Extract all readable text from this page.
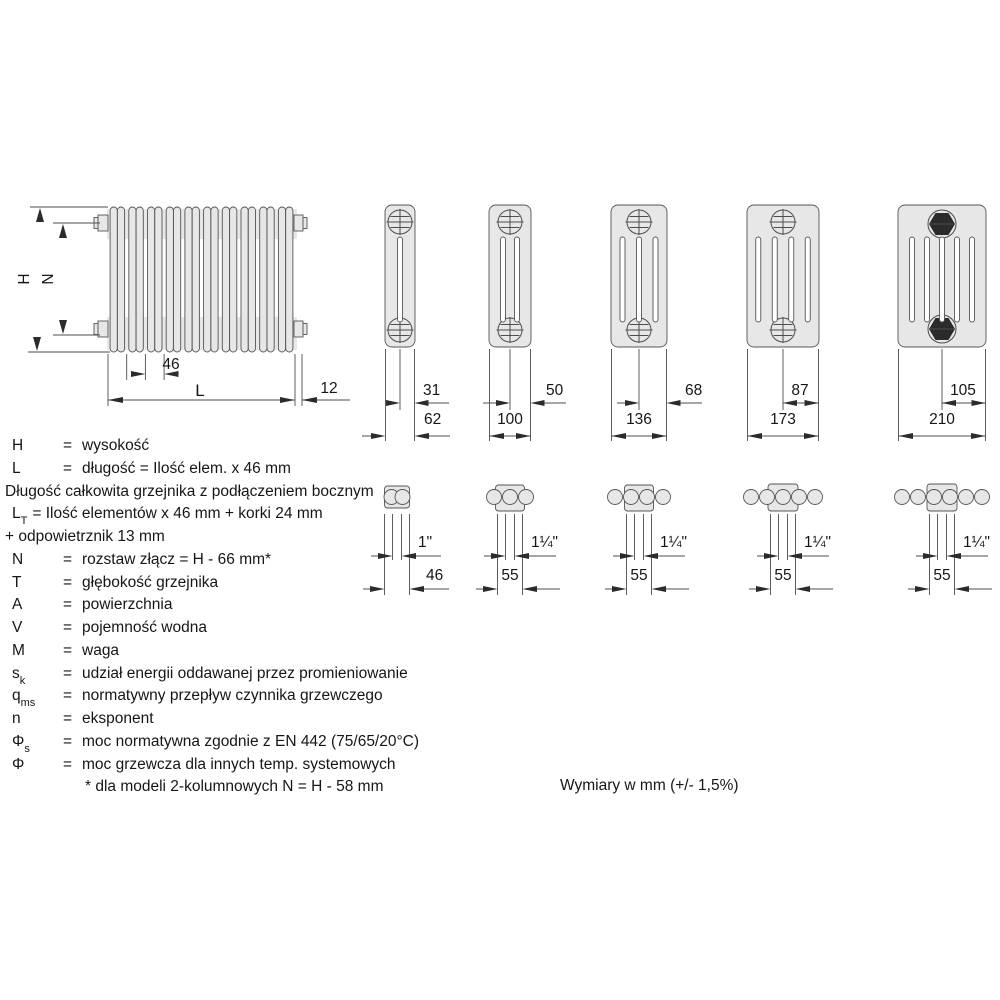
H N
46
L	12	31
62
50
100
68
136
87
173
105
210
1"
46
1¼"
55
1¼"
55
1¼"
55
1¼"
55
H	= wysokość
L	= długość = Ilość elem. x 46 mm
Długość całkowita grzejnika z podłączeniem bocznym
$L_T$ = Ilość elementów x 46 mm + korki 24 mm
+ odpowietrznik 13 mm
N	= rozstaw złącz = H - 66 mm*
T	= głębokość grzejnika
A	= powierzchnia
V	= pojemność wodna
M = waga
$s_k$ = udział energii oddawanej przez promieniowanie
$q_{ms}$ = normatywny przepływ czynnika grzewczego
n	= eksponent
$\Phi_s$ = moc normatywna zgodnie z EN 442 (75/65/20°C)
Φ = moc grzewcza dla innych temp. systemowych
* dla modeli 2-kolumnowych N = H - 58 mm	Wymiary w mm (+/- 1,5%)
